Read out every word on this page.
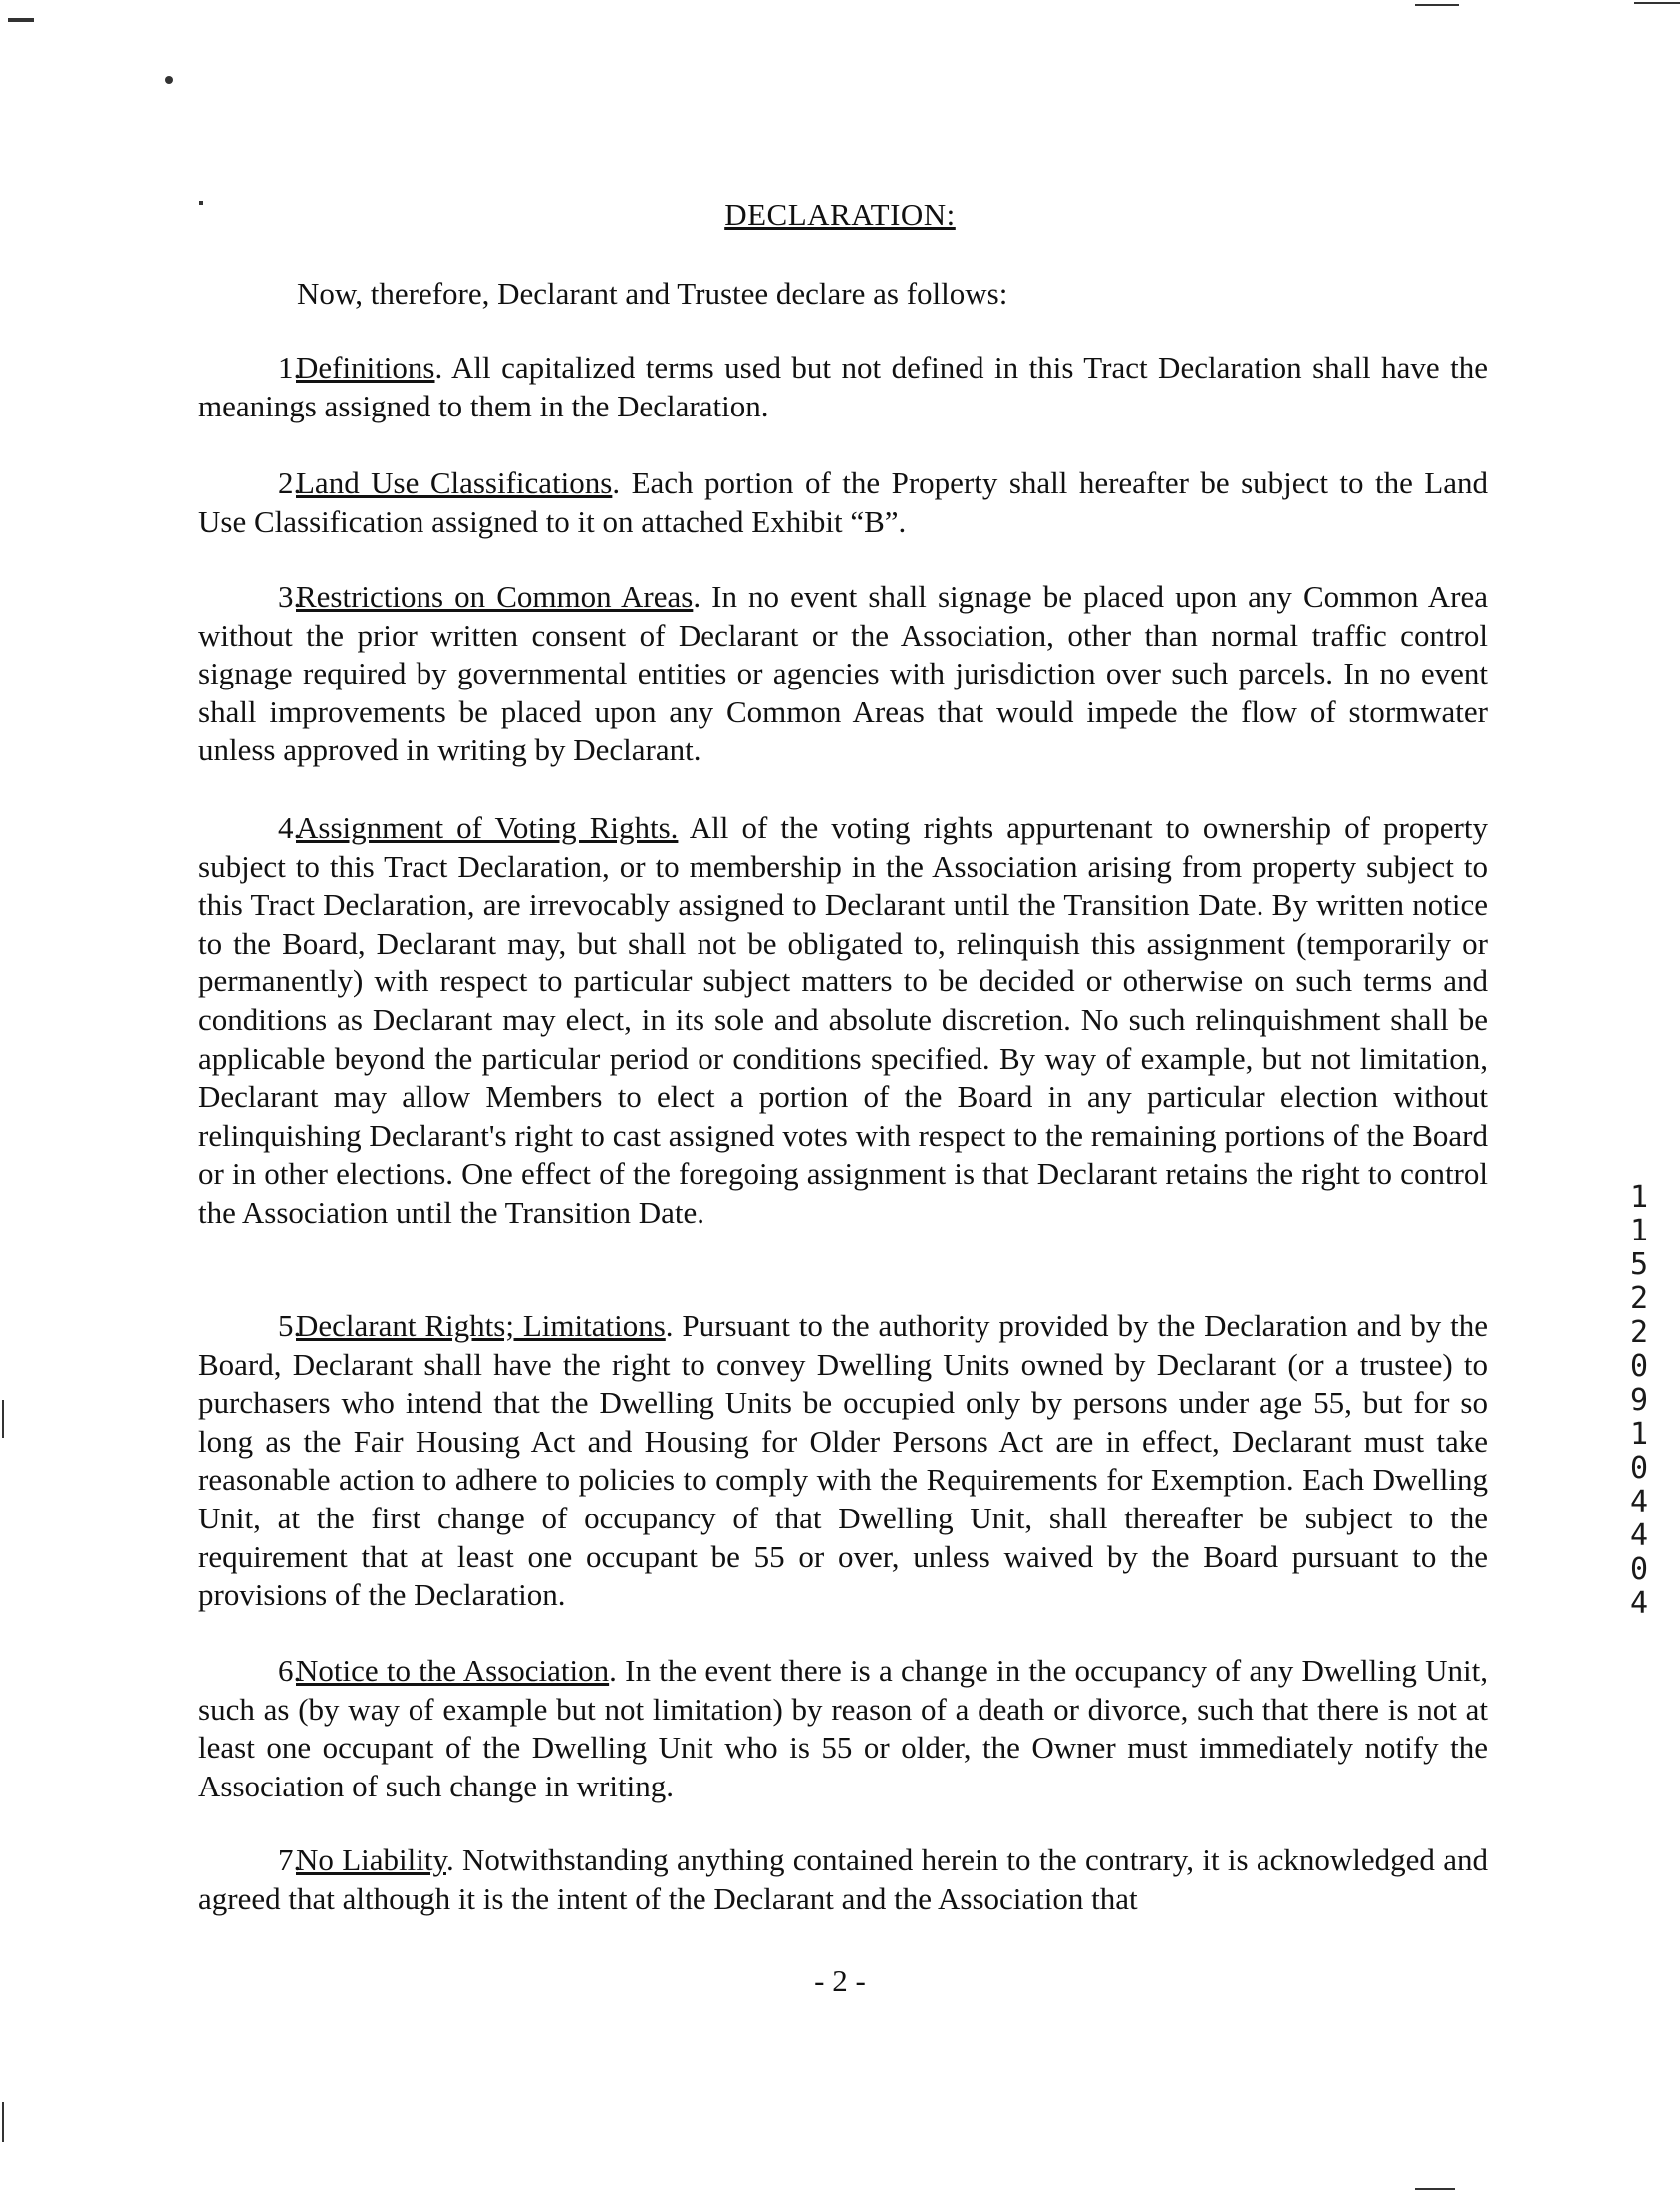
DECLARATION:
Now, therefore, Declarant and Trustee declare as follows:
1.Definitions. All capitalized terms used but not defined in this Tract Declaration shall have the meanings assigned to them in the Declaration.
2.Land Use Classifications. Each portion of the Property shall hereafter be subject to the Land Use Classification assigned to it on attached Exhibit “B”.
3.Restrictions on Common Areas. In no event shall signage be placed upon any Common Area without the prior written consent of Declarant or the Association, other than normal traffic control signage required by governmental entities or agencies with jurisdiction over such parcels. In no event shall improvements be placed upon any Common Areas that would impede the flow of stormwater unless approved in writing by Declarant.
4.Assignment of Voting Rights. All of the voting rights appurtenant to ownership of property subject to this Tract Declaration, or to membership in the Association arising from property subject to this Tract Declaration, are irrevocably assigned to Declarant until the Transition Date. By written notice to the Board, Declarant may, but shall not be obligated to, relinquish this assignment (temporarily or permanently) with respect to particular subject matters to be decided or otherwise on such terms and conditions as Declarant may elect, in its sole and absolute discretion. No such relinquishment shall be applicable beyond the particular period or conditions specified. By way of example, but not limitation, Declarant may allow Members to elect a portion of the Board in any particular election without relinquishing Declarant's right to cast assigned votes with respect to the remaining portions of the Board or in other elections. One effect of the foregoing assignment is that Declarant retains the right to control the Association until the Transition Date.
5.Declarant Rights; Limitations. Pursuant to the authority provided by the Declaration and by the Board, Declarant shall have the right to convey Dwelling Units owned by Declarant (or a trustee) to purchasers who intend that the Dwelling Units be occupied only by persons under age 55, but for so long as the Fair Housing Act and Housing for Older Persons Act are in effect, Declarant must take reasonable action to adhere to policies to comply with the Requirements for Exemption. Each Dwelling Unit, at the first change of occupancy of that Dwelling Unit, shall thereafter be subject to the requirement that at least one occupant be 55 or over, unless waived by the Board pursuant to the provisions of the Declaration.
6.Notice to the Association. In the event there is a change in the occupancy of any Dwelling Unit, such as (by way of example but not limitation) by reason of a death or divorce, such that there is not at least one occupant of the Dwelling Unit who is 55 or older, the Owner must immediately notify the Association of such change in writing.
7.No Liability. Notwithstanding anything contained herein to the contrary, it is acknowledged and agreed that although it is the intent of the Declarant and the Association that
- 2 -
1152209104404
